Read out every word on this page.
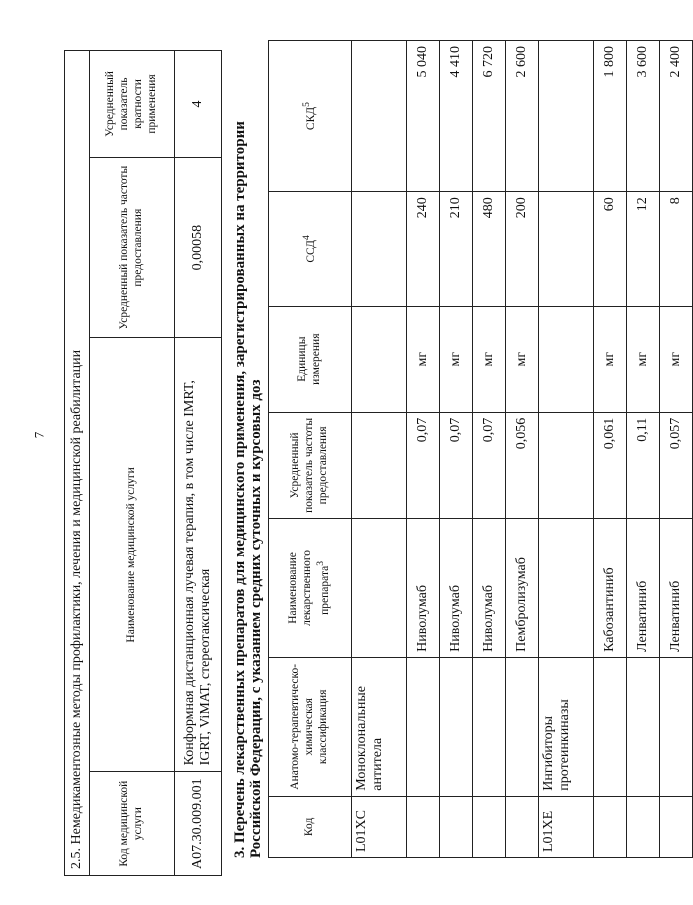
7 2.5. Немедикаментозные методы профилактики, лечения и медицинской реабилитации			
Код медицинской услуги	Наименование медицинской услуги	Усредненный показатель частоты предоставления	Усредненный показатель кратности применения
A07.30.009.001	Конформная дистанционная лучевая терапия, в том числе IMRT, IGRT, ViMAT, стереотаксическая	0,00058	4
3. Перечень лекарственных препаратов для медицинского применения, зарегистрированных на территории Российской Федерации, с указанием средних суточных и курсовых доз	Код	Анатомо-терапевтическо-химическая классификация	Наименование лекарственного препарата$^3$	Усредненный показатель частоты предоставления	Единицы измерения	ССД$^4$	СКД$^5$
L01XC	Моноклональные антитела					
		Ниволумаб	0,07	мг	240	5 040
		Ниволумаб	0,07	мг	210	4 410
		Ниволумаб	0,07	мг	480	6 720
		Пембролизумаб	0,056	мг	200	2 600
L01XE	Ингибиторы протеинкиназы					
		Кабозантиниб	0,061	мг	60	1 800
		Ленватиниб	0,11	мг	12	3 600
		Ленватиниб	0,057	мг	8	2 400
